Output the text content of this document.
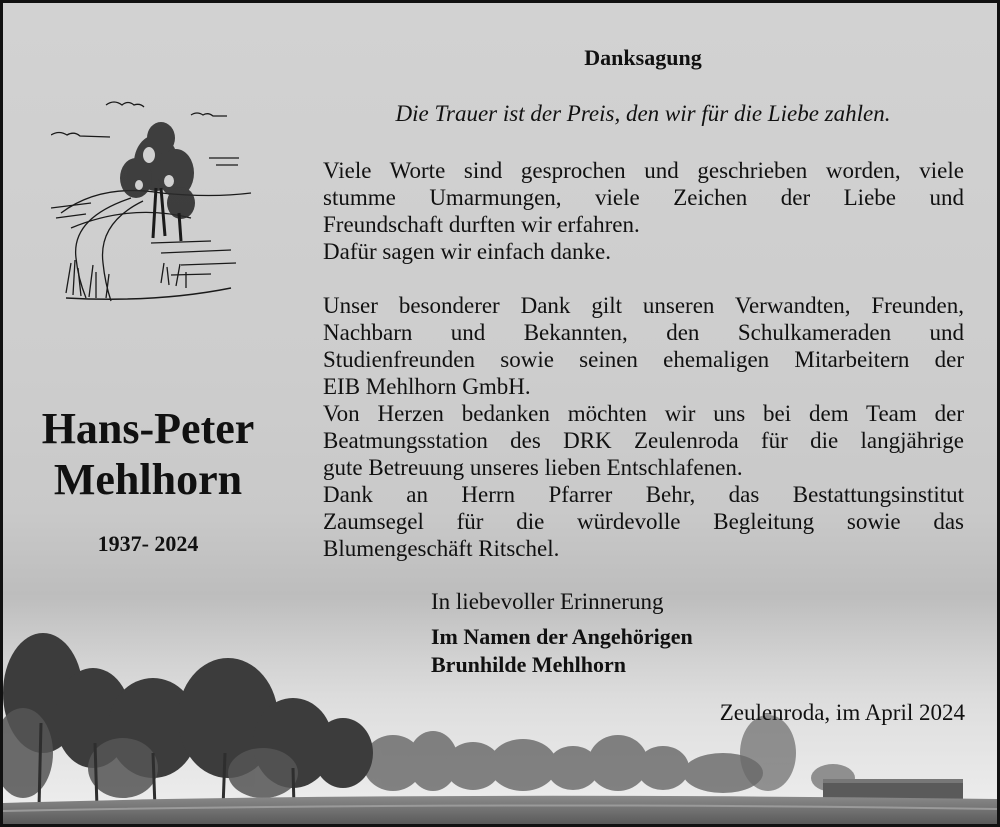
Danksagung
Die Trauer ist der Preis, den wir für die Liebe zahlen.
Viele Worte sind gesprochen und geschrieben worden, viele
stumme Umarmungen, viele Zeichen der Liebe und
Freundschaft durften wir erfahren.
Dafür sagen wir einfach danke.
Unser besonderer Dank gilt unseren Verwandten, Freunden,
Nachbarn und Bekannten, den Schulkameraden und
Studienfreunden sowie seinen ehemaligen Mitarbeitern der
EIB Mehlhorn GmbH.
Von Herzen bedanken möchten wir uns bei dem Team der
Beatmungsstation des DRK Zeulenroda für die langjährige
gute Betreuung unseres lieben Entschlafenen.
Dank an Herrn Pfarrer Behr, das Bestattungsinstitut
Zaumsegel für die würdevolle Begleitung sowie das
Blumengeschäft Ritschel.
Hans-Peter
Mehlhorn
1937- 2024
In liebevoller Erinnerung
Im Namen der Angehörigen
Brunhilde Mehlhorn
Zeulenroda, im April 2024
